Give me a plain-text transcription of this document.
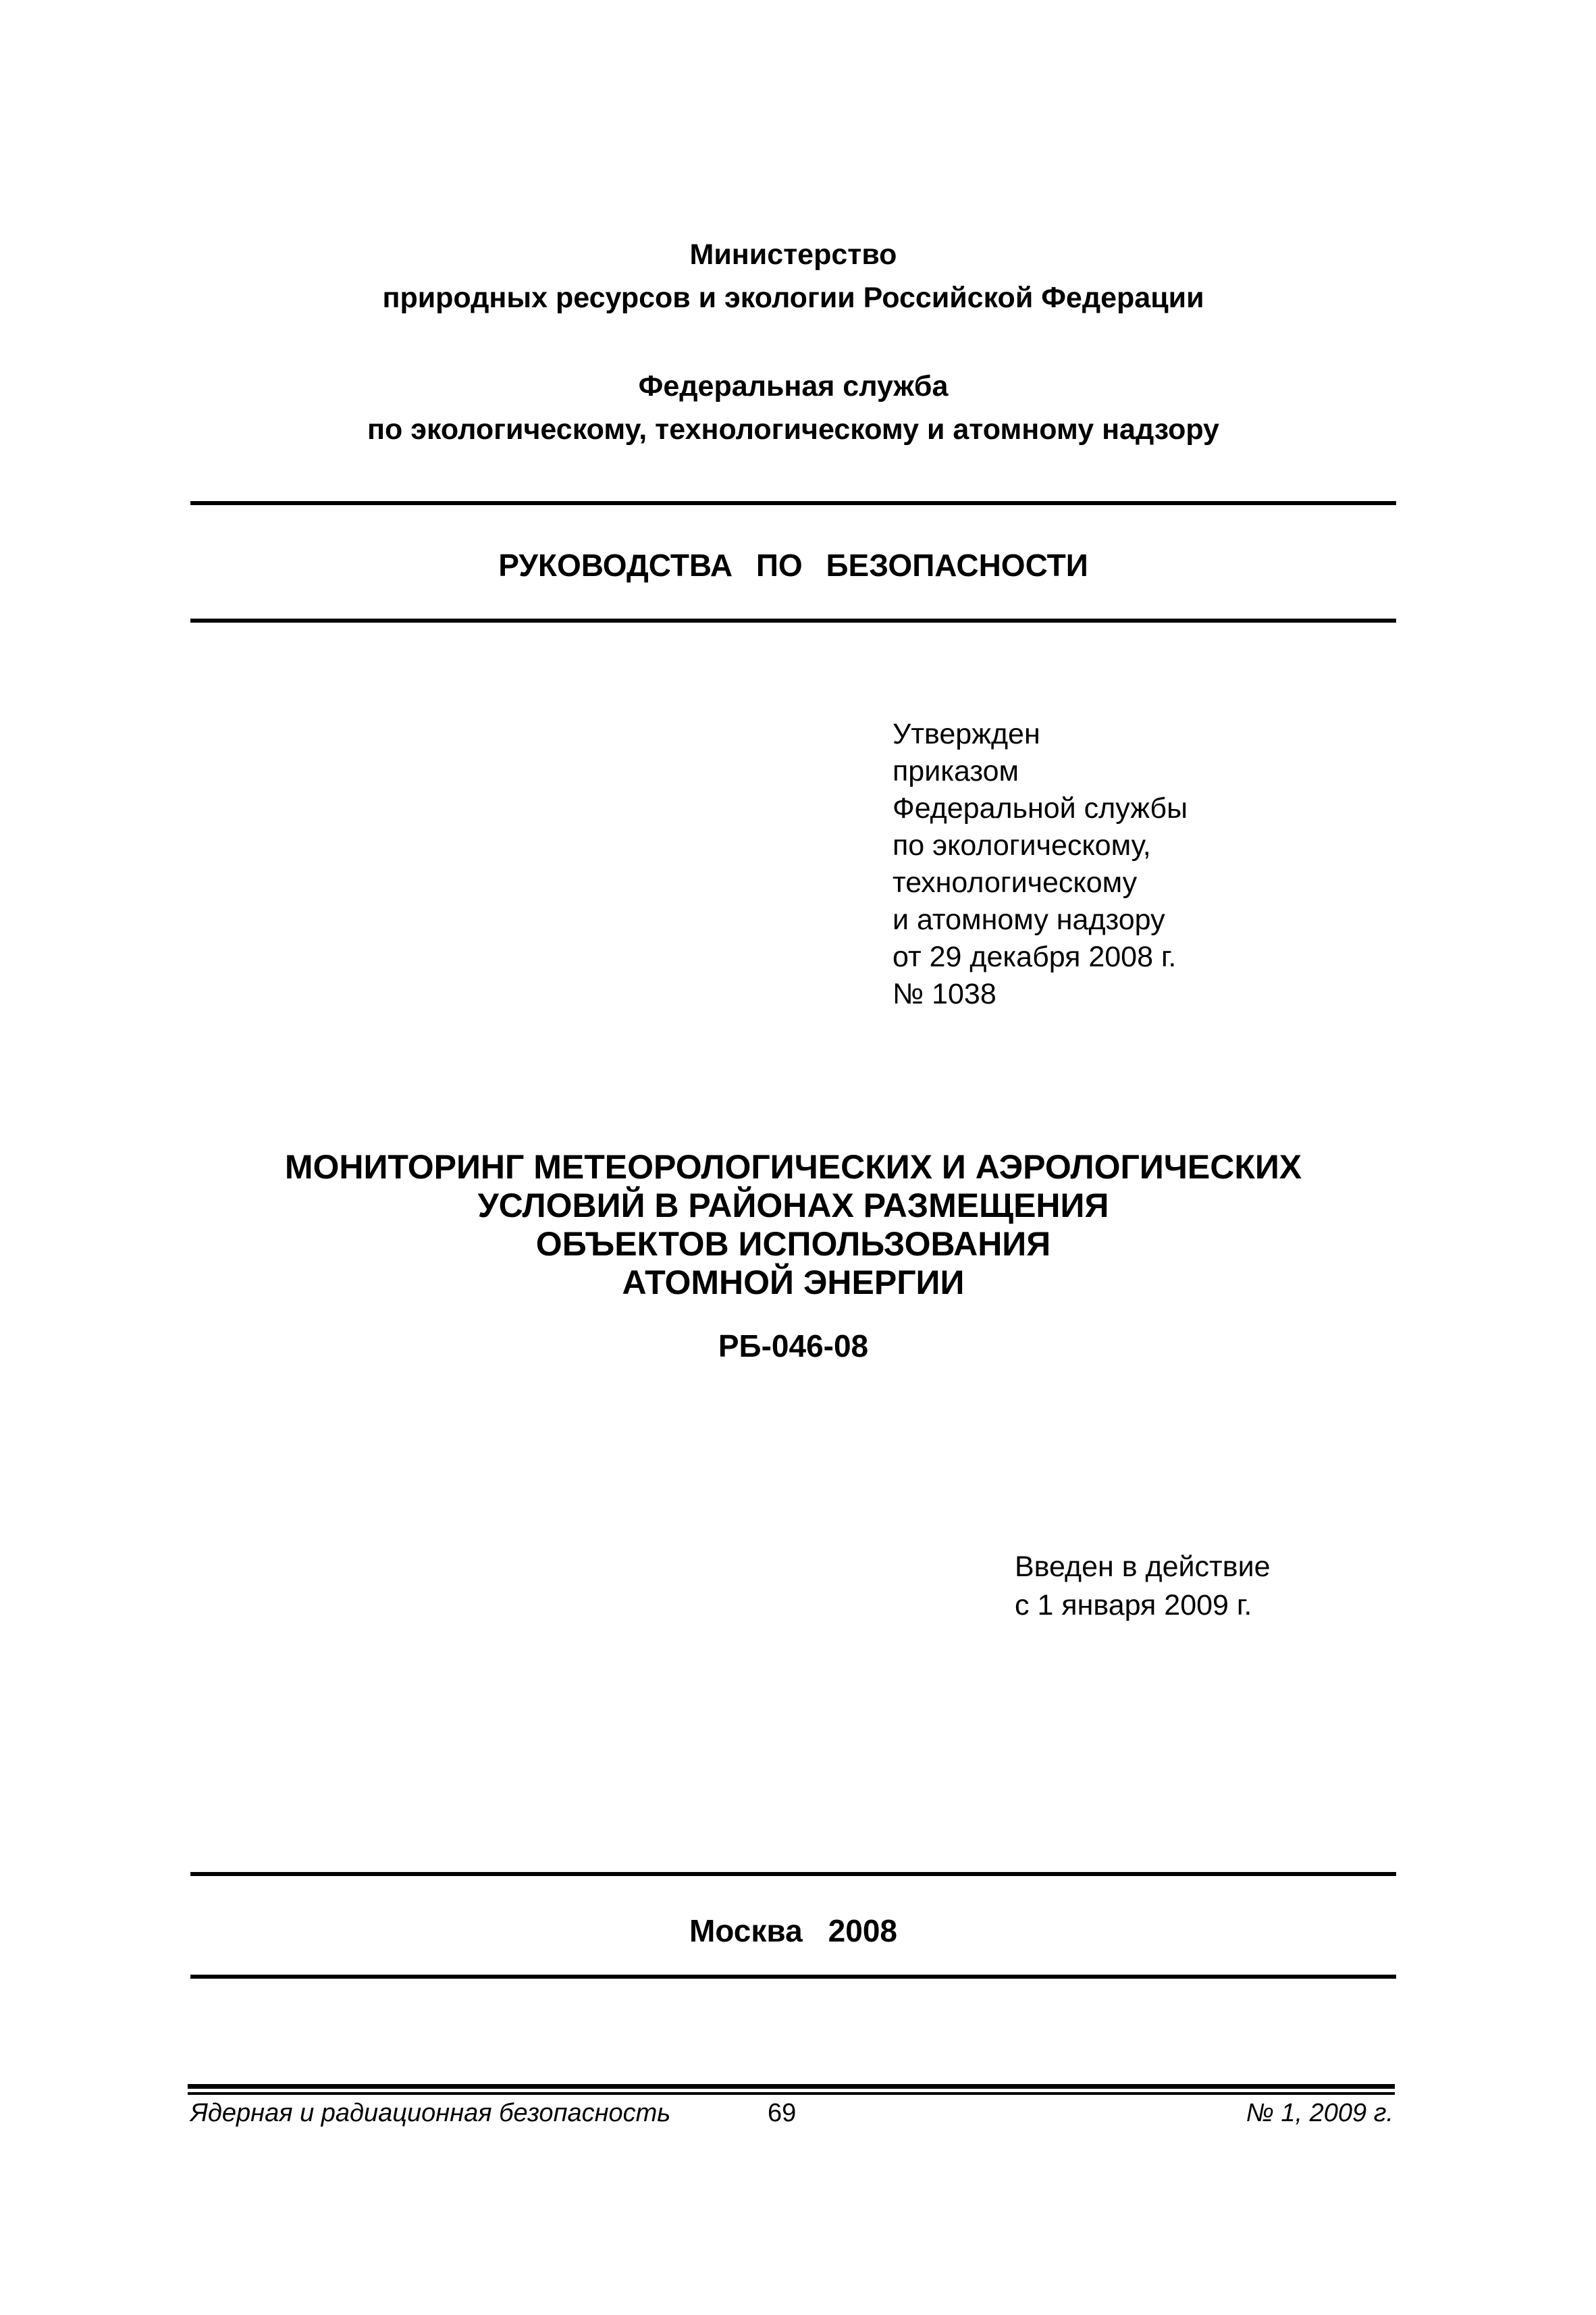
Министерство
природных ресурсов и экологии Российской Федерации
Федеральная служба
по экологическому, технологическому и атомному надзору
РУКОВОДСТВА ПО БЕЗОПАСНОСТИ
Утвержден
приказом
Федеральной службы
по экологическому,
технологическому
и атомному надзору
от 29 декабря 2008 г.
№ 1038
МОНИТОРИНГ МЕТЕОРОЛОГИЧЕСКИХ И АЭРОЛОГИЧЕСКИХ
УСЛОВИЙ В РАЙОНАХ РАЗМЕЩЕНИЯ
ОБЪЕКТОВ ИСПОЛЬЗОВАНИЯ
АТОМНОЙ ЭНЕРГИИ
РБ-046-08
Введен в действие
с 1 января 2009 г.
Москва 2008
Ядерная и радиационная безопасность	69	№ 1, 2009 г.
